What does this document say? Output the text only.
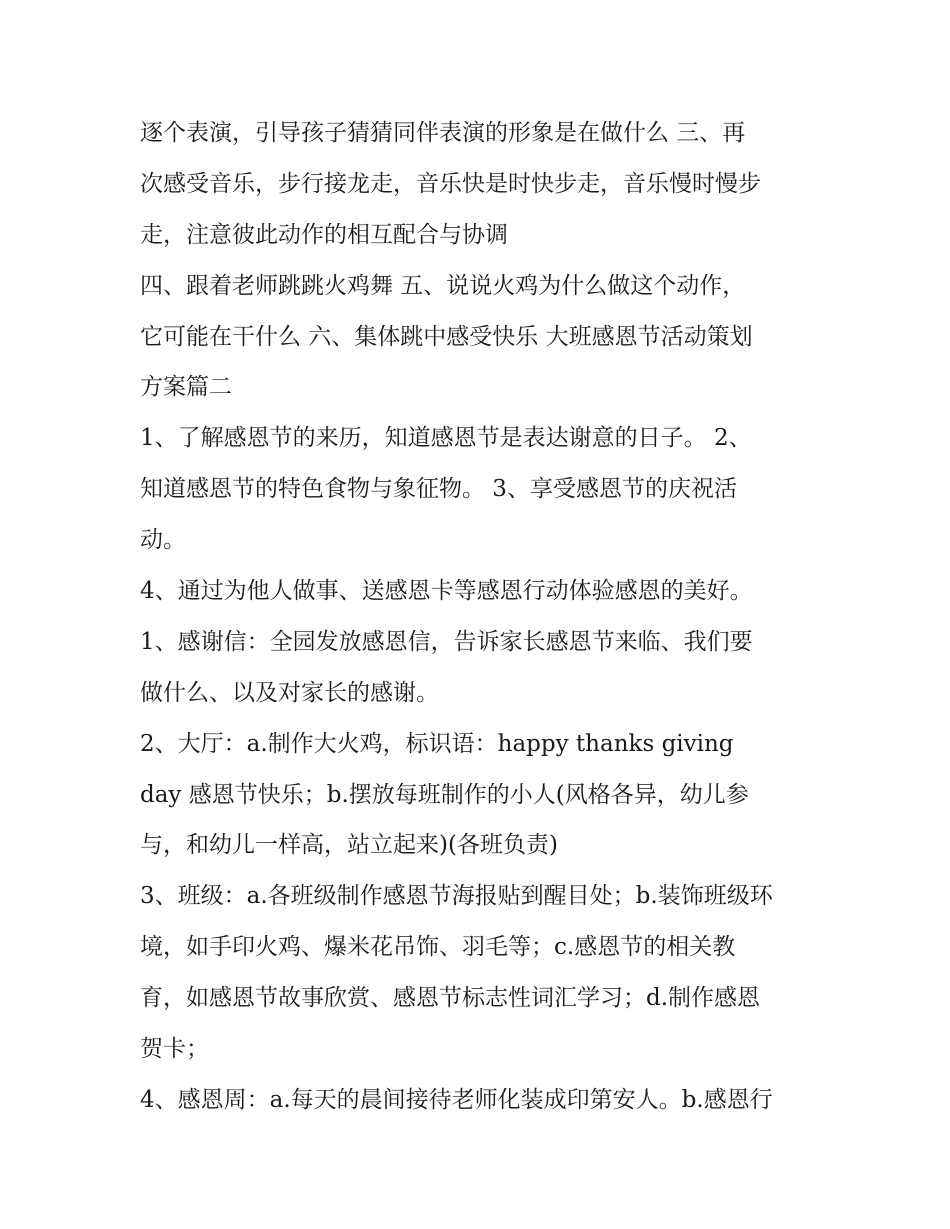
逐个表演，引导孩子猜猜同伴表演的形象是在做什么 三、再
次感受音乐，步行接龙走，音乐快是时快步走，音乐慢时慢步
走，注意彼此动作的相互配合与协调
四、跟着老师跳跳火鸡舞 五、说说火鸡为什么做这个动作，
它可能在干什么 六、集体跳中感受快乐 大班感恩节活动策划
方案篇二
1、了解感恩节的来历，知道感恩节是表达谢意的日子。 2、
知道感恩节的特色食物与象征物。 3、享受感恩节的庆祝活
动。
4、通过为他人做事、送感恩卡等感恩行动体验感恩的美好。
1、感谢信：全园发放感恩信，告诉家长感恩节来临、我们要
做什么、以及对家长的感谢。
2、大厅：a.制作大火鸡，标识语：happy thanks giving
day 感恩节快乐；b.摆放每班制作的小人(风格各异，幼儿参
与，和幼儿一样高，站立起来)(各班负责)
3、班级：a.各班级制作感恩节海报贴到醒目处；b.装饰班级环
境，如手印火鸡、爆米花吊饰、羽毛等；c.感恩节的相关教
育，如感恩节故事欣赏、感恩节标志性词汇学习；d.制作感恩
贺卡；
4、感恩周：a.每天的晨间接待老师化装成印第安人。b.感恩行
